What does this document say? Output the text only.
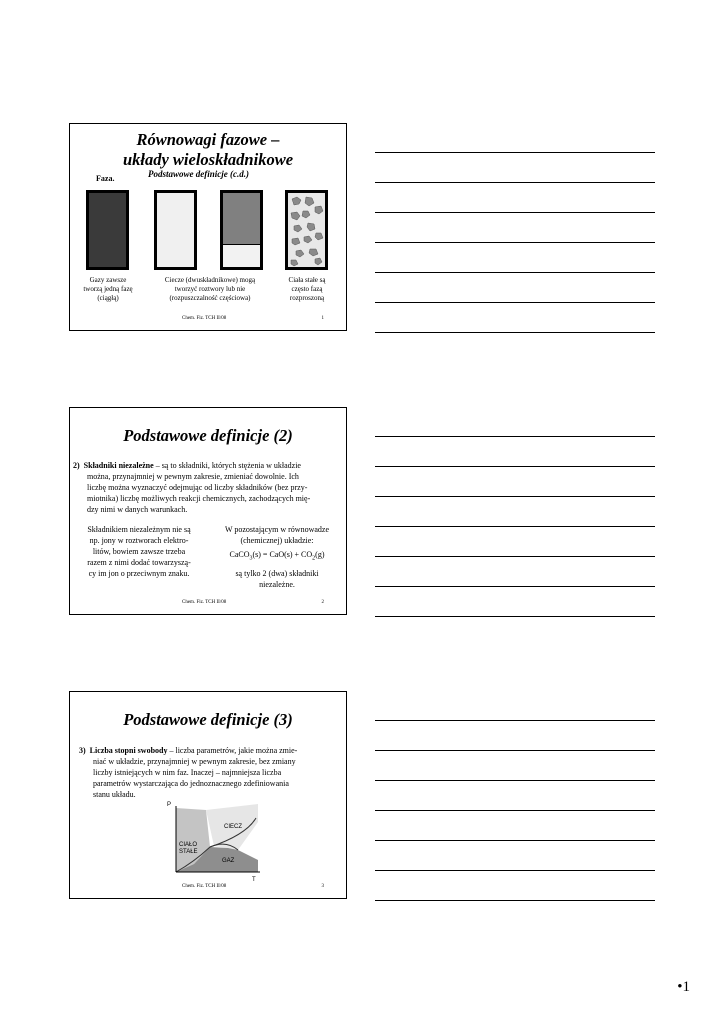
Równowagi fazowe –
układy wieloskładnikowe
Podstawowe definicje (c.d.)
Faza.
Gazy zawsze
tworzą jedną fazę
(ciągłą)
Ciecze (dwuskładnikowe) mogą
tworzyć roztwory lub nie
(rozpuszczalność częściowa)
Ciała stałe są
często fazą
rozproszoną
Chem. Fiz. TCH II/08	1
Podstawowe definicje (2)
2) Składniki niezależne – są to składniki, których stężenia w układzie
można, przynajmniej w pewnym zakresie, zmieniać dowolnie. Ich
liczbę można wyznaczyć odejmując od liczby składników (bez przy-
miotnika) liczbę możliwych reakcji chemicznych, zachodzących mię-
dzy nimi w danych warunkach.
Składnikiem niezależnym nie są
np. jony w roztworach elektro-
litów, bowiem zawsze trzeba
razem z nimi dodać towarzyszą-
cy im jon o przeciwnym znaku.
W pozostającym w równowadze
(chemicznej) układzie:
CaCO$_3$(s) = $CaO(s) + CO_2(g)$
są tylko 2 (dwa) składniki
niezależne.
Chem. Fiz. TCH II/08	2
Podstawowe definicje (3)
3) Liczba stopni swobody – liczba parametrów, jakie można zmie-
niać w układzie, przynajmniej w pewnym zakresie, bez zmiany
liczby istniejących w nim faz. Inaczej – najmniejsza liczba
parametrów wystarczająca do jednoznacznego zdefiniowania
stanu układu.
P
T
CIECZ
CIAŁO
STAŁE
GAZ
Chem. Fiz. TCH II/08	3
•1
